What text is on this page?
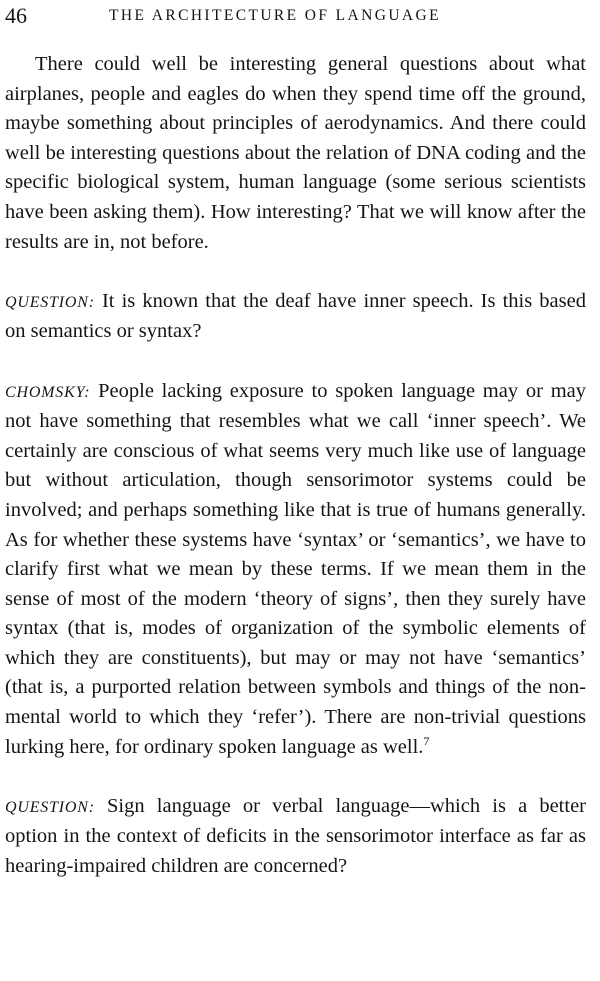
46	THE ARCHITECTURE OF LANGUAGE

There could well be interesting general questions about what airplanes, people and eagles do when they spend time off the ground, maybe something about principles of aerodynamics. And there could well be interesting questions about the relation of DNA coding and the specific biological system, human language (some serious scientists have been asking them). How interesting? That we will know after the results are in, not before.

QUESTION: It is known that the deaf have inner speech. Is this based on semantics or syntax?

CHOMSKY: People lacking exposure to spoken language may or may not have something that resembles what we call ‘inner speech’. We certainly are conscious of what seems very much like use of language but without articulation, though sensorimotor systems could be involved; and perhaps something like that is true of humans generally. As for whether these systems have ‘syntax’ or ‘semantics’, we have to clarify first what we mean by these terms. If we mean them in the sense of most of the modern ‘theory of signs’, then they surely have syntax (that is, modes of organization of the symbolic elements of which they are constituents), but may or may not have ‘semantics’ (that is, a purported relation between symbols and things of the non-mental world to which they ‘refer’). There are non-trivial questions lurking here, for ordinary spoken language as well.$^7$

QUESTION: Sign language or verbal language—which is a better option in the context of deficits in the sensorimotor interface as far as hearing-impaired children are concerned?
